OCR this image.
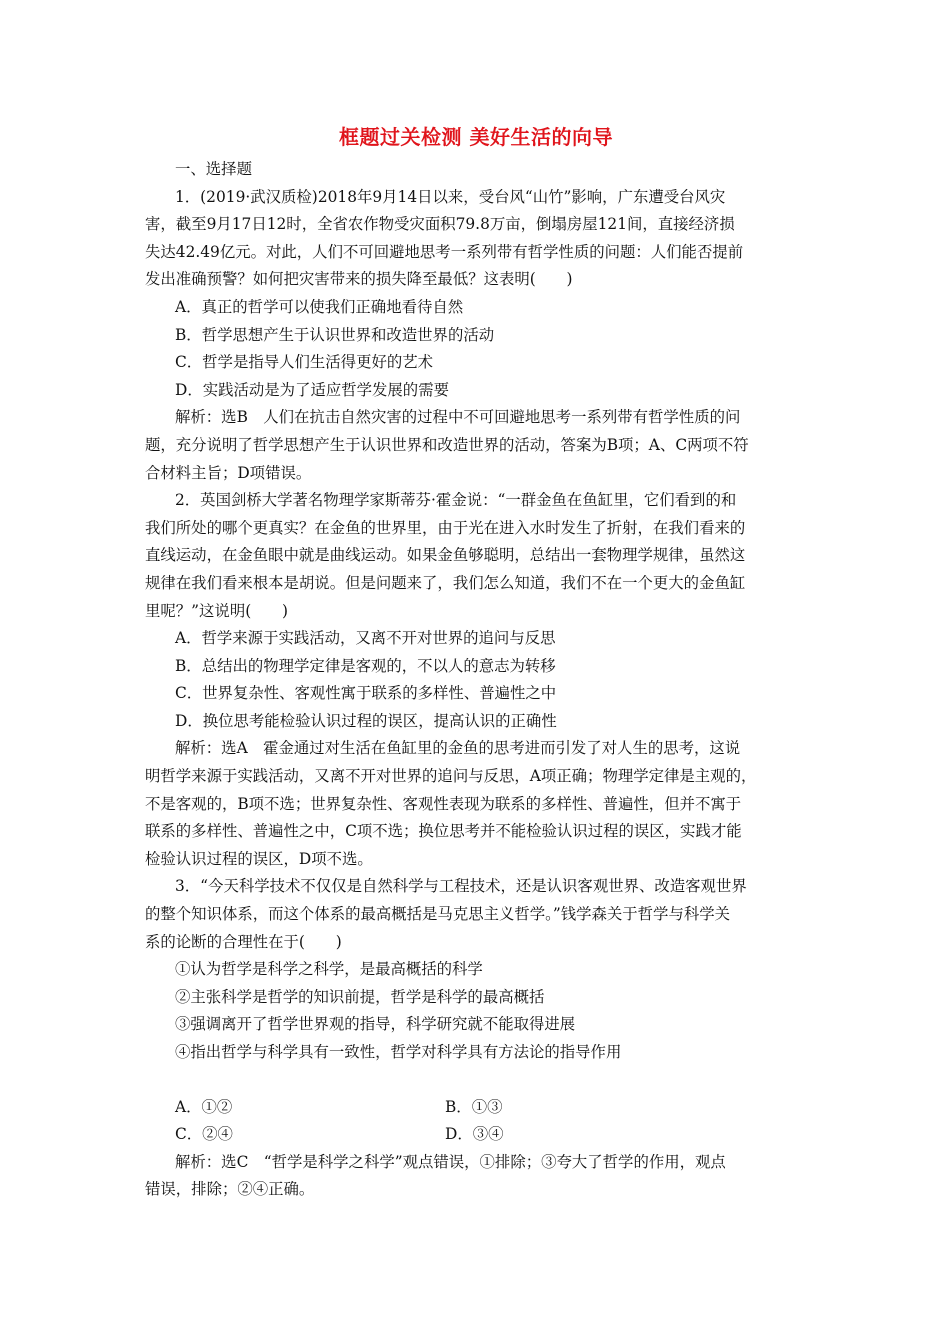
框题过关检测 美好生活的向导
一、选择题
1．(2019·武汉质检)2018年9月14日以来，受台风“山竹”影响，广东遭受台风灾
害，截至9月17日12时，全省农作物受灾面积79.8万亩，倒塌房屋121间，直接经济损
失达42.49亿元。对此，人们不可回避地思考一系列带有哲学性质的问题：人们能否提前
发出准确预警？如何把灾害带来的损失降至最低？这表明(　　)
A．真正的哲学可以使我们正确地看待自然
B．哲学思想产生于认识世界和改造世界的活动
C．哲学是指导人们生活得更好的艺术
D．实践活动是为了适应哲学发展的需要
解析：选B　人们在抗击自然灾害的过程中不可回避地思考一系列带有哲学性质的问
题，充分说明了哲学思想产生于认识世界和改造世界的活动，答案为B项；A、C两项不符
合材料主旨；D项错误。
2．英国剑桥大学著名物理学家斯蒂芬·霍金说：“一群金鱼在鱼缸里，它们看到的和
我们所处的哪个更真实？在金鱼的世界里，由于光在进入水时发生了折射，在我们看来的
直线运动，在金鱼眼中就是曲线运动。如果金鱼够聪明，总结出一套物理学规律，虽然这
规律在我们看来根本是胡说。但是问题来了，我们怎么知道，我们不在一个更大的金鱼缸
里呢？”这说明(　　)
A．哲学来源于实践活动，又离不开对世界的追问与反思
B．总结出的物理学定律是客观的，不以人的意志为转移
C．世界复杂性、客观性寓于联系的多样性、普遍性之中
D．换位思考能检验认识过程的误区，提高认识的正确性
解析：选A　霍金通过对生活在鱼缸里的金鱼的思考进而引发了对人生的思考，这说
明哲学来源于实践活动，又离不开对世界的追问与反思，A项正确；物理学定律是主观的，
不是客观的，B项不选；世界复杂性、客观性表现为联系的多样性、普遍性，但并不寓于
联系的多样性、普遍性之中，C项不选；换位思考并不能检验认识过程的误区，实践才能
检验认识过程的误区，D项不选。
3．“今天科学技术不仅仅是自然科学与工程技术，还是认识客观世界、改造客观世界
的整个知识体系，而这个体系的最高概括是马克思主义哲学。”钱学森关于哲学与科学关
系的论断的合理性在于(　　)
①认为哲学是科学之科学，是最高概括的科学
②主张科学是哲学的知识前提，哲学是科学的最高概括
③强调离开了哲学世界观的指导，科学研究就不能取得进展
④指出哲学与科学具有一致性，哲学对科学具有方法论的指导作用
A．①②	B．①③
C．②④	D．③④
解析：选C　“哲学是科学之科学”观点错误，①排除；③夸大了哲学的作用，观点
错误，排除；②④正确。
